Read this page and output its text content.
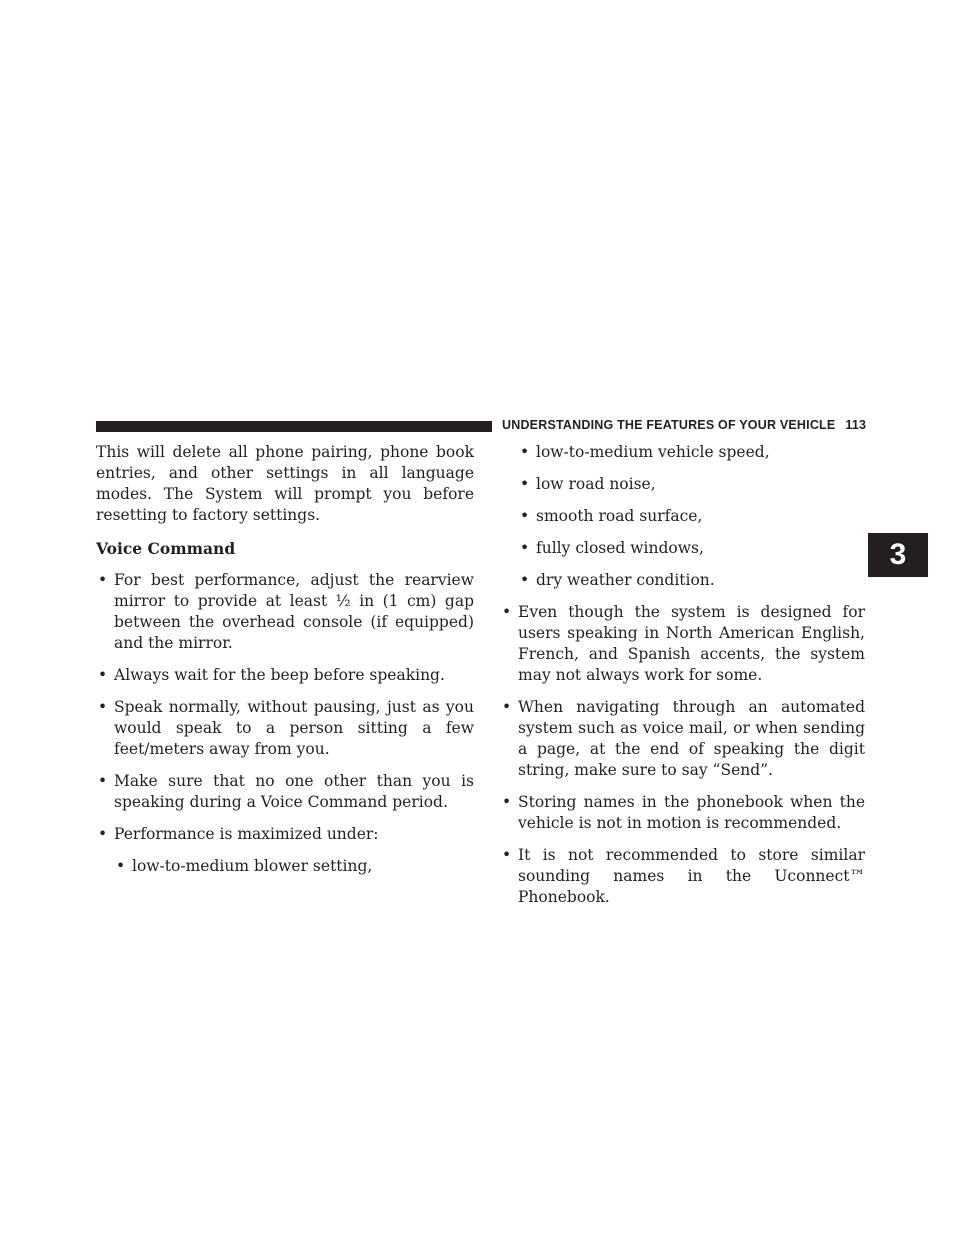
UNDERSTANDING THE FEATURES OF YOUR VEHICLE 113
3

This will delete all phone pairing, phone book entries, and other settings in all language modes. The System will prompt you before resetting to factory settings.

Voice Command

• For best performance, adjust the rearview mirror to provide at least ½ in (1 cm) gap between the overhead console (if equipped) and the mirror.
• Always wait for the beep before speaking.
• Speak normally, without pausing, just as you would speak to a person sitting a few feet/meters away from you.
• Make sure that no one other than you is speaking during a Voice Command period.
• Performance is maximized under:
• low-to-medium blower setting,
• low-to-medium vehicle speed,
• low road noise,
• smooth road surface,
• fully closed windows,
• dry weather condition.
• Even though the system is designed for users speaking in North American English, French, and Spanish accents, the system may not always work for some.
• When navigating through an automated system such as voice mail, or when sending a page, at the end of speaking the digit string, make sure to say “Send”.
• Storing names in the phonebook when the vehicle is not in motion is recommended.
• It is not recommended to store similar sounding names in the Uconnect™ Phonebook.
